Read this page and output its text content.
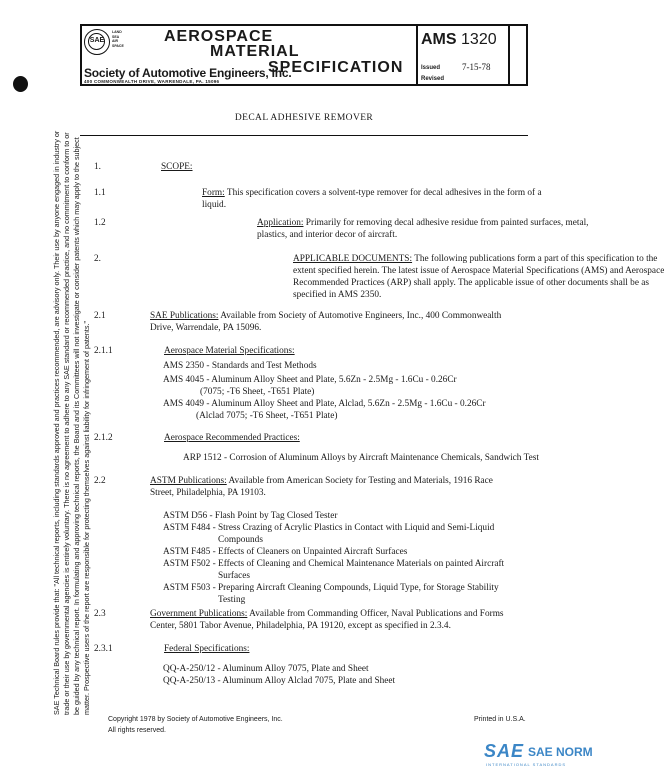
SAE
LAND
SEA
AIR
SPACE
AEROSPACE
MATERIAL
SPECIFICATION
Society of Automotive Engineers, Inc.
400 COMMONWEALTH DRIVE, WARRENDALE, PA. 15096
AMS 1320
Issued 7-15-78
Revised
DECAL ADHESIVE REMOVER
1.	SCOPE:
1.1	Form: This specification covers a solvent-type remover for decal adhesives in the form of a
liquid.
1.2	Application: Primarily for removing decal adhesive residue from painted surfaces, metal,
plastics, and interior decor of aircraft.
2.	APPLICABLE DOCUMENTS: The following publications form a part of this specification to the
extent specified herein. The latest issue of Aerospace Material Specifications (AMS) and Aerospace
Recommended Practices (ARP) shall apply. The applicable issue of other documents shall be as
specified in AMS 2350.
2.1	SAE Publications: Available from Society of Automotive Engineers, Inc., 400 Commonwealth
Drive, Warrendale, PA 15096.
2.1.1	Aerospace Material Specifications:
AMS 2350 - Standards and Test Methods
AMS 4045 - Aluminum Alloy Sheet and Plate, 5.6Zn - 2.5Mg - 1.6Cu - 0.26Cr
(7075; -T6 Sheet, -T651 Plate)
AMS 4049 - Aluminum Alloy Sheet and Plate, Alclad, 5.6Zn - 2.5Mg - 1.6Cu - 0.26Cr
(Alclad 7075; -T6 Sheet, -T651 Plate)
2.1.2	Aerospace Recommended Practices:
ARP 1512 - Corrosion of Aluminum Alloys by Aircraft Maintenance Chemicals, Sandwich Test
2.2	ASTM Publications: Available from American Society for Testing and Materials, 1916 Race
Street, Philadelphia, PA 19103.
ASTM D56 - Flash Point by Tag Closed Tester
ASTM F484 - Stress Crazing of Acrylic Plastics in Contact with Liquid and Semi-Liquid
Compounds
ASTM F485 - Effects of Cleaners on Unpainted Aircraft Surfaces
ASTM F502 - Effects of Cleaning and Chemical Maintenance Materials on painted Aircraft
Surfaces
ASTM F503 - Preparing Aircraft Cleaning Compounds, Liquid Type, for Storage Stability
Testing
2.3	Government Publications: Available from Commanding Officer, Naval Publications and Forms
Center, 5801 Tabor Avenue, Philadelphia, PA 19120, except as specified in 2.3.4.
2.3.1	Federal Specifications:
QQ-A-250/12 - Aluminum Alloy 7075, Plate and Sheet
QQ-A-250/13 - Aluminum Alloy Alclad 7075, Plate and Sheet
SAE Technical Board rules provide that: "All technical reports, including standards approved and practices recommended, are advisory only. Their use by anyone engaged in industry or trade or their use by governmental agencies is entirely voluntary. There is no agreement to adhere to any SAE standard or recommended practice, and no commitment to conform to or be guided by any technical report. In formulating and approving technical reports, the Board and its Committees will not investigate or consider patents which may apply to the subject matter. Prospective users of the report are responsible for protecting themselves against liability for infringement of patents."
Copyright 1978 by Society of Automotive Engineers, Inc.
All rights reserved.
Printed in U.S.A.
SAE SAE NORM
INTERNATIONAL STANDARDS
